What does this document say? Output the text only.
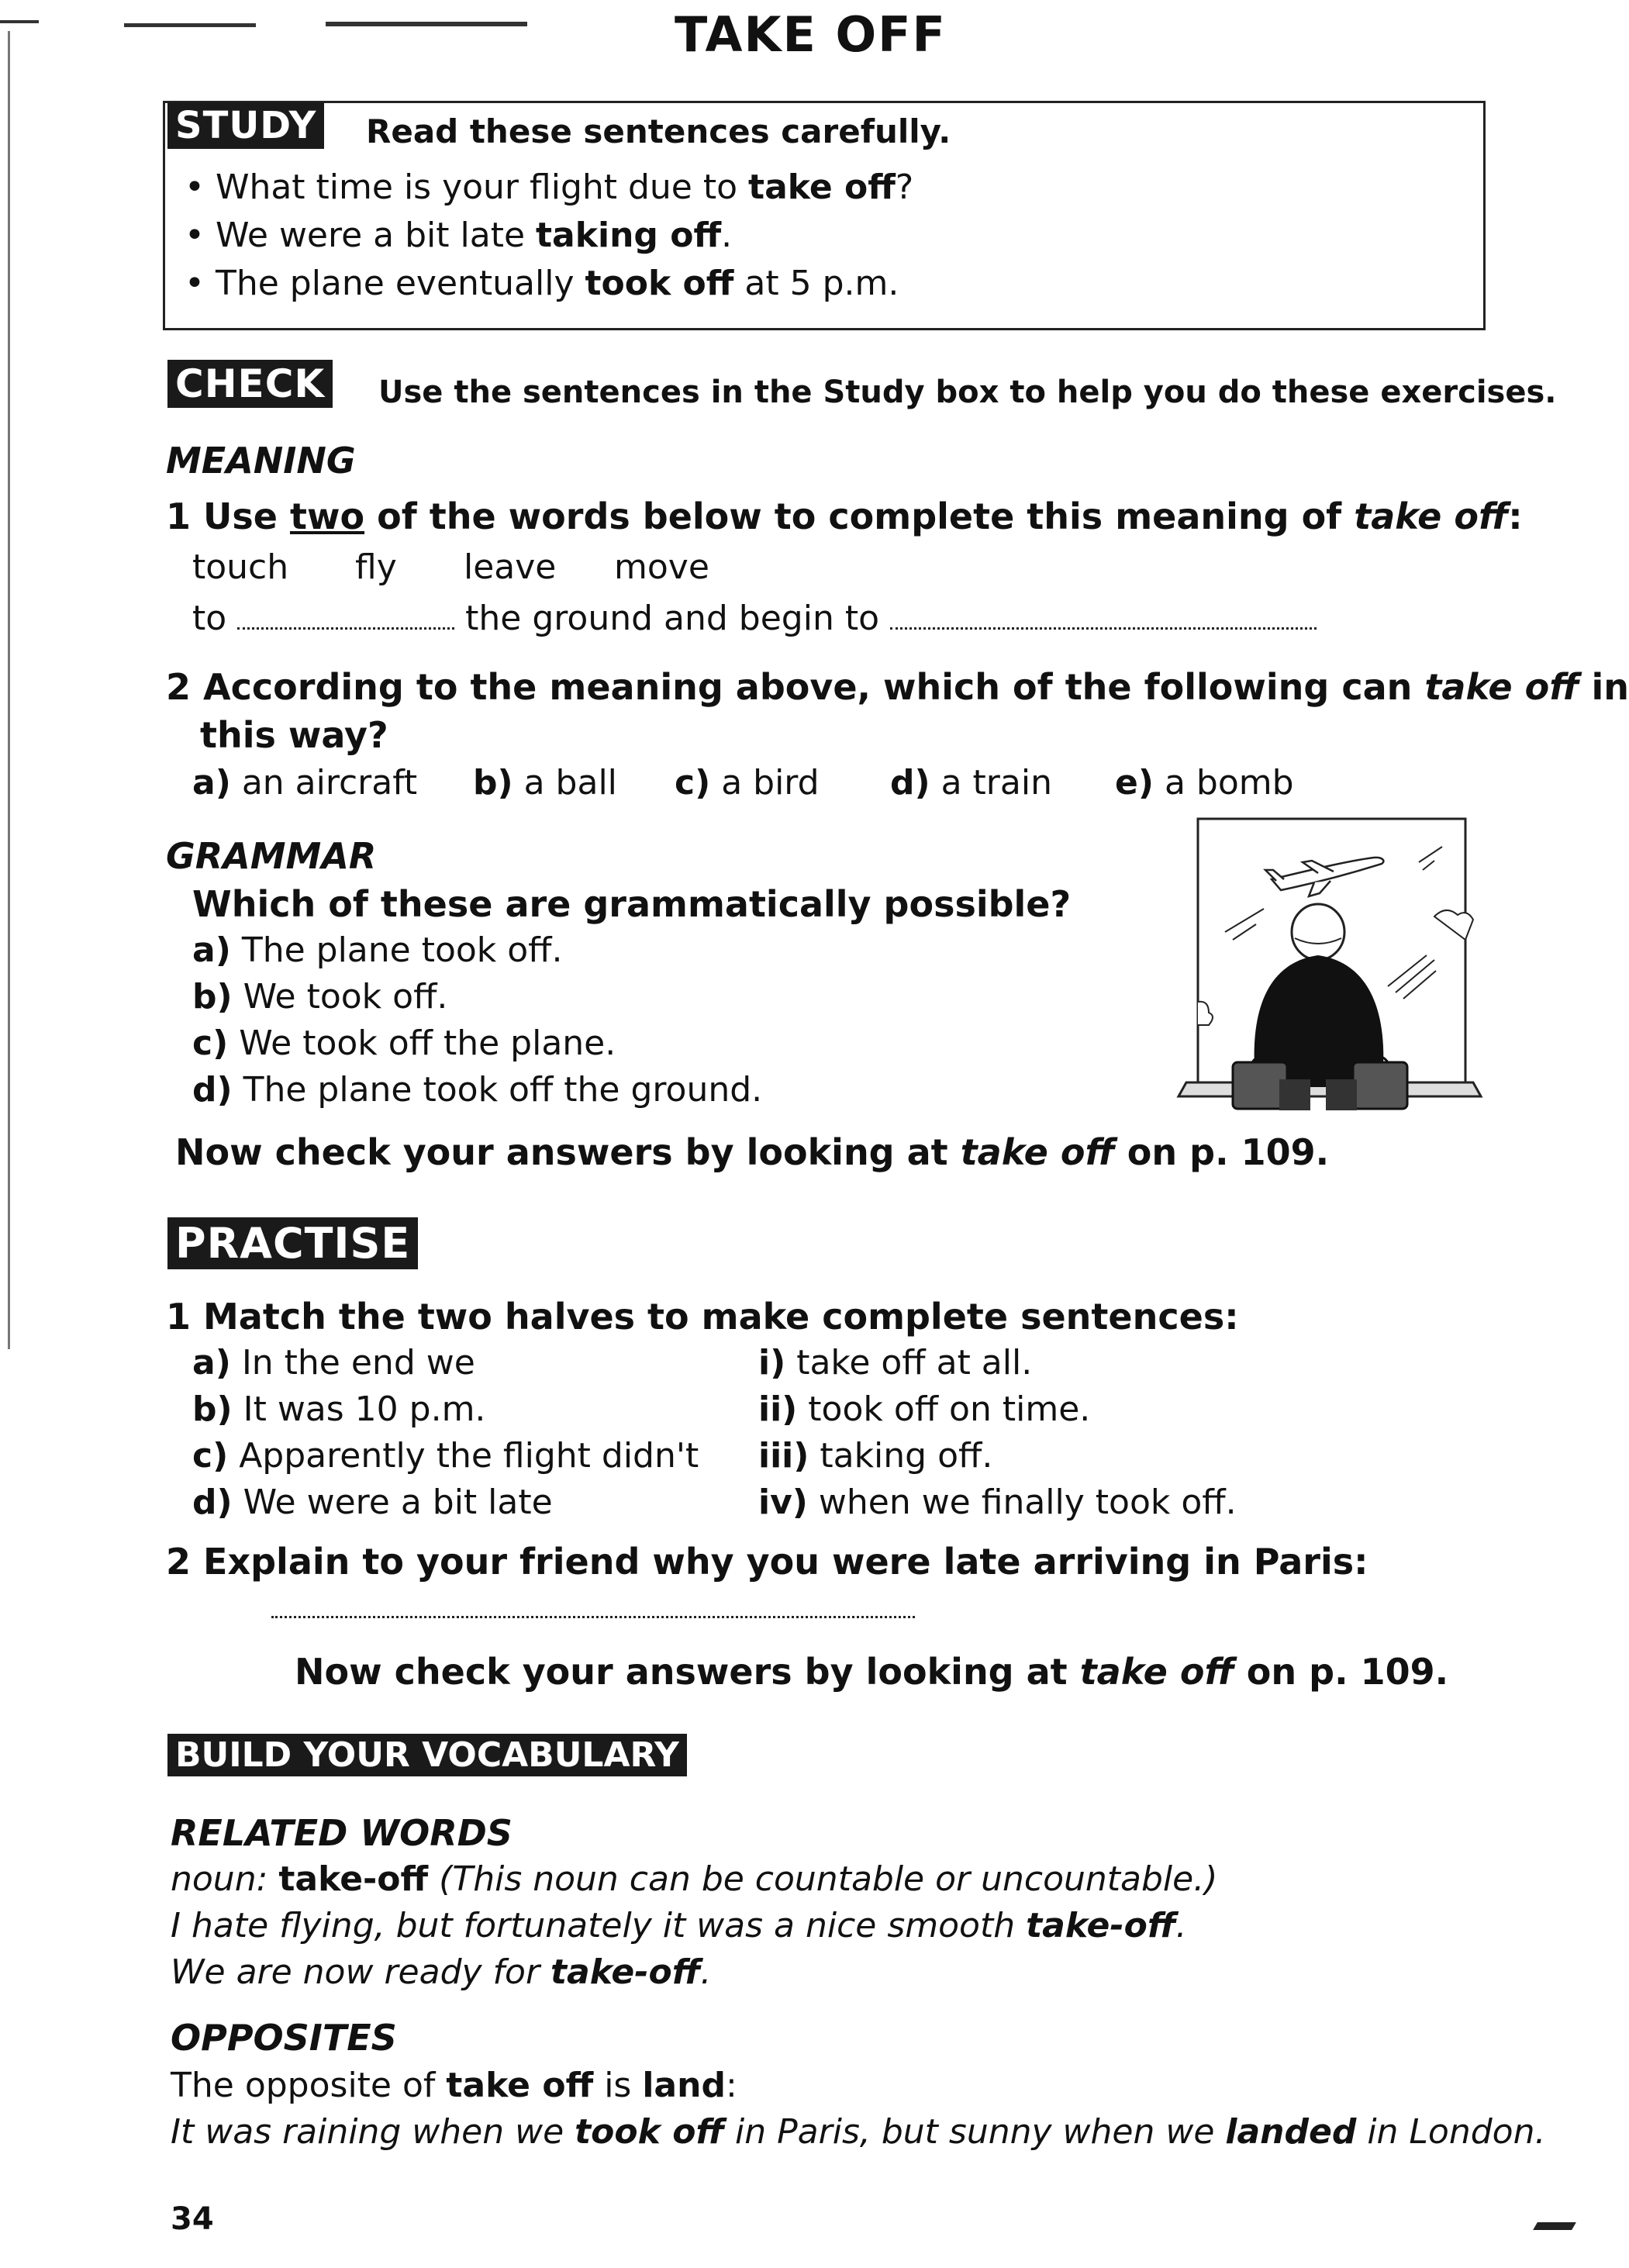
TAKE OFF
STUDY Read these sentences carefully.
• What time is your flight due to take off?
• We were a bit late taking off.
• The plane eventually took off at 5 p.m.
CHECK Use the sentences in the Study box to help you do these exercises.
MEANING
1 Use two of the words below to complete this meaning of take off:
touch fly leave move
to	the ground and begin to
2 According to the meaning above, which of the following can take off in
this way?
a) an aircraft b) a ball c) a bird d) a train e) a bomb
GRAMMAR
Which of these are grammatically possible?
a) The plane took off.
b) We took off.
c) We took off the plane.
d) The plane took off the ground.
Now check your answers by looking at take off on p. 109.
PRACTISE
1 Match the two halves to make complete sentences:
a) In the end we
b) It was 10 p.m.
c) Apparently the flight didn't
d) We were a bit late
i) take off at all.
ii) took off on time.
iii) taking off.
iv) when we finally took off.
2 Explain to your friend why you were late arriving in Paris:
Now check your answers by looking at take off on p. 109.
BUILD YOUR VOCABULARY
RELATED WORDS
noun: take-off (This noun can be countable or uncountable.)
I hate flying, but fortunately it was a nice smooth take-off.
We are now ready for take-off.
OPPOSITES
The opposite of take off is land:
It was raining when we took off in Paris, but sunny when we landed in London.
34
